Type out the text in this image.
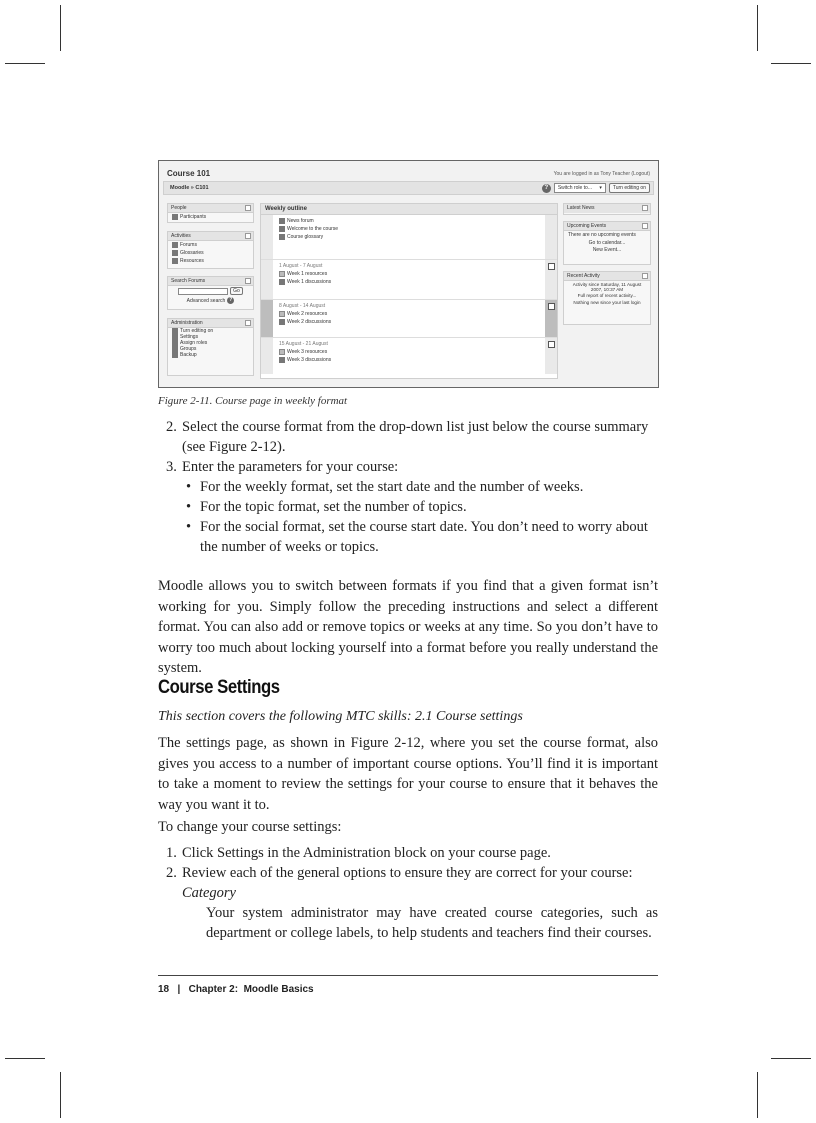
Course 101	You are logged in as Tony Teacher (Logout)
Moodle » C101	?	Switch role to... ▾	Turn editing on
People
Participants
Activities
Forums
Glossaries
Resources
Search Forums
Go
Advanced search ?
Administration
Turn editing on
Settings
Assign roles
Groups
Backup
Weekly outline
News forum
Welcome to the course
Course glossary
1 August - 7 August
Week 1 resources
Week 1 discussions
8 August - 14 August
Week 2 resources
Week 2 discussions
15 August - 21 August
Week 3 resources
Week 3 discussions
Latest News
Upcoming Events
There are no upcoming events
Go to calendar...
New Event...
Recent Activity
Activity since Saturday, 11 August 2007, 10:37 AM
Full report of recent activity...
Nothing new since your last login
Figure 2-11. Course page in weekly format
2. Select the course format from the drop-down list just below the course summary (see Figure 2-12).
3. Enter the parameters for your course:
• For the weekly format, set the start date and the number of weeks.
• For the topic format, set the number of topics.
• For the social format, set the course start date. You don’t need to worry about the number of weeks or topics.

Moodle allows you to switch between formats if you find that a given format isn’t working for you. Simply follow the preceding instructions and select a different format. You can also add or remove topics or weeks at any time. So you don’t have to worry too much about locking yourself into a format before you really understand the system.

Course Settings
This section covers the following MTC skills: 2.1 Course settings

The settings page, as shown in Figure 2-12, where you set the course format, also gives you access to a number of important course options. You’ll find it is important to take a moment to review the settings for your course to ensure that it behaves the way you want it to.

To change your course settings:

1. Click Settings in the Administration block on your course page.
2. Review each of the general options to ensure they are correct for your course:
Category
Your system administrator may have created course categories, such as department or college labels, to help students and teachers find their courses.
18   |   Chapter 2:  Moodle Basics
